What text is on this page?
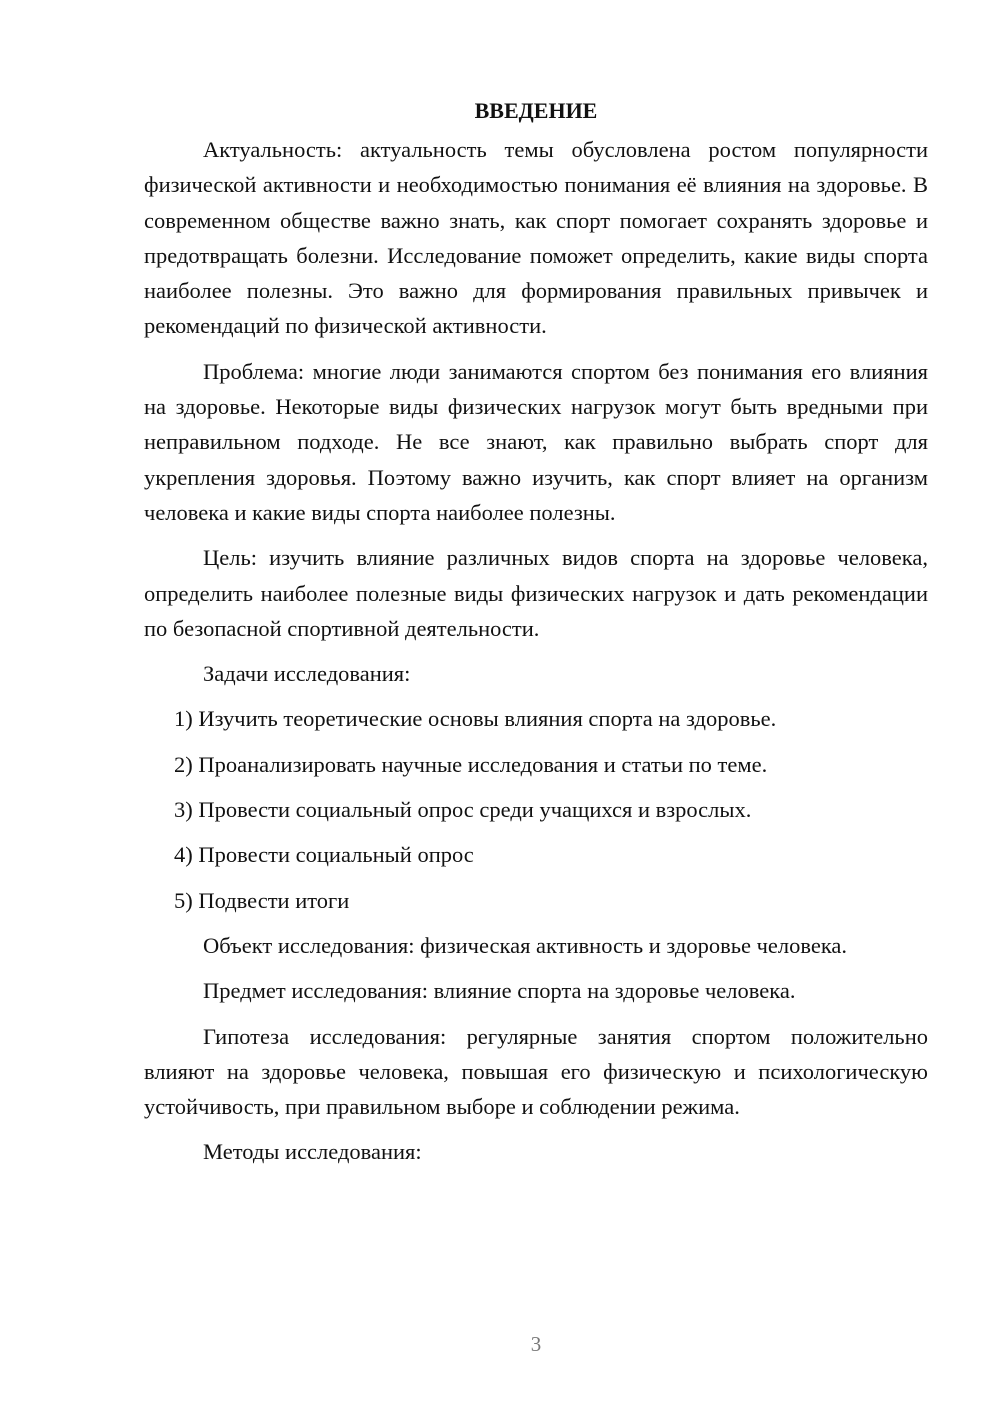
ВВЕДЕНИЕ

Актуальность: актуальность темы обусловлена ростом популярности физической активности и необходимостью понимания её влияния на здоровье. В современном обществе важно знать, как спорт помогает сохранять здоровье и предотвращать болезни. Исследование поможет определить, какие виды спорта наиболее полезны. Это важно для формирования правильных привычек и рекомендаций по физической активности.

Проблема: многие люди занимаются спортом без понимания его влияния на здоровье. Некоторые виды физических нагрузок могут быть вредными при неправильном подходе. Не все знают, как правильно выбрать спорт для укрепления здоровья. Поэтому важно изучить, как спорт влияет на организм человека и какие виды спорта наиболее полезны.

Цель: изучить влияние различных видов спорта на здоровье человека, определить наиболее полезные виды физических нагрузок и дать рекомендации по безопасной спортивной деятельности.

Задачи исследования:

1) Изучить теоретические основы влияния спорта на здоровье.
2) Проанализировать научные исследования и статьи по теме.
3) Провести социальный опрос среди учащихся и взрослых.
4) Провести социальный опрос
5) Подвести итоги

Объект исследования: физическая активность и здоровье человека.

Предмет исследования: влияние спорта на здоровье человека.

Гипотеза исследования: регулярные занятия спортом положительно влияют на здоровье человека, повышая его физическую и психологическую устойчивость, при правильном выборе и соблюдении режима.

Методы исследования:

3
